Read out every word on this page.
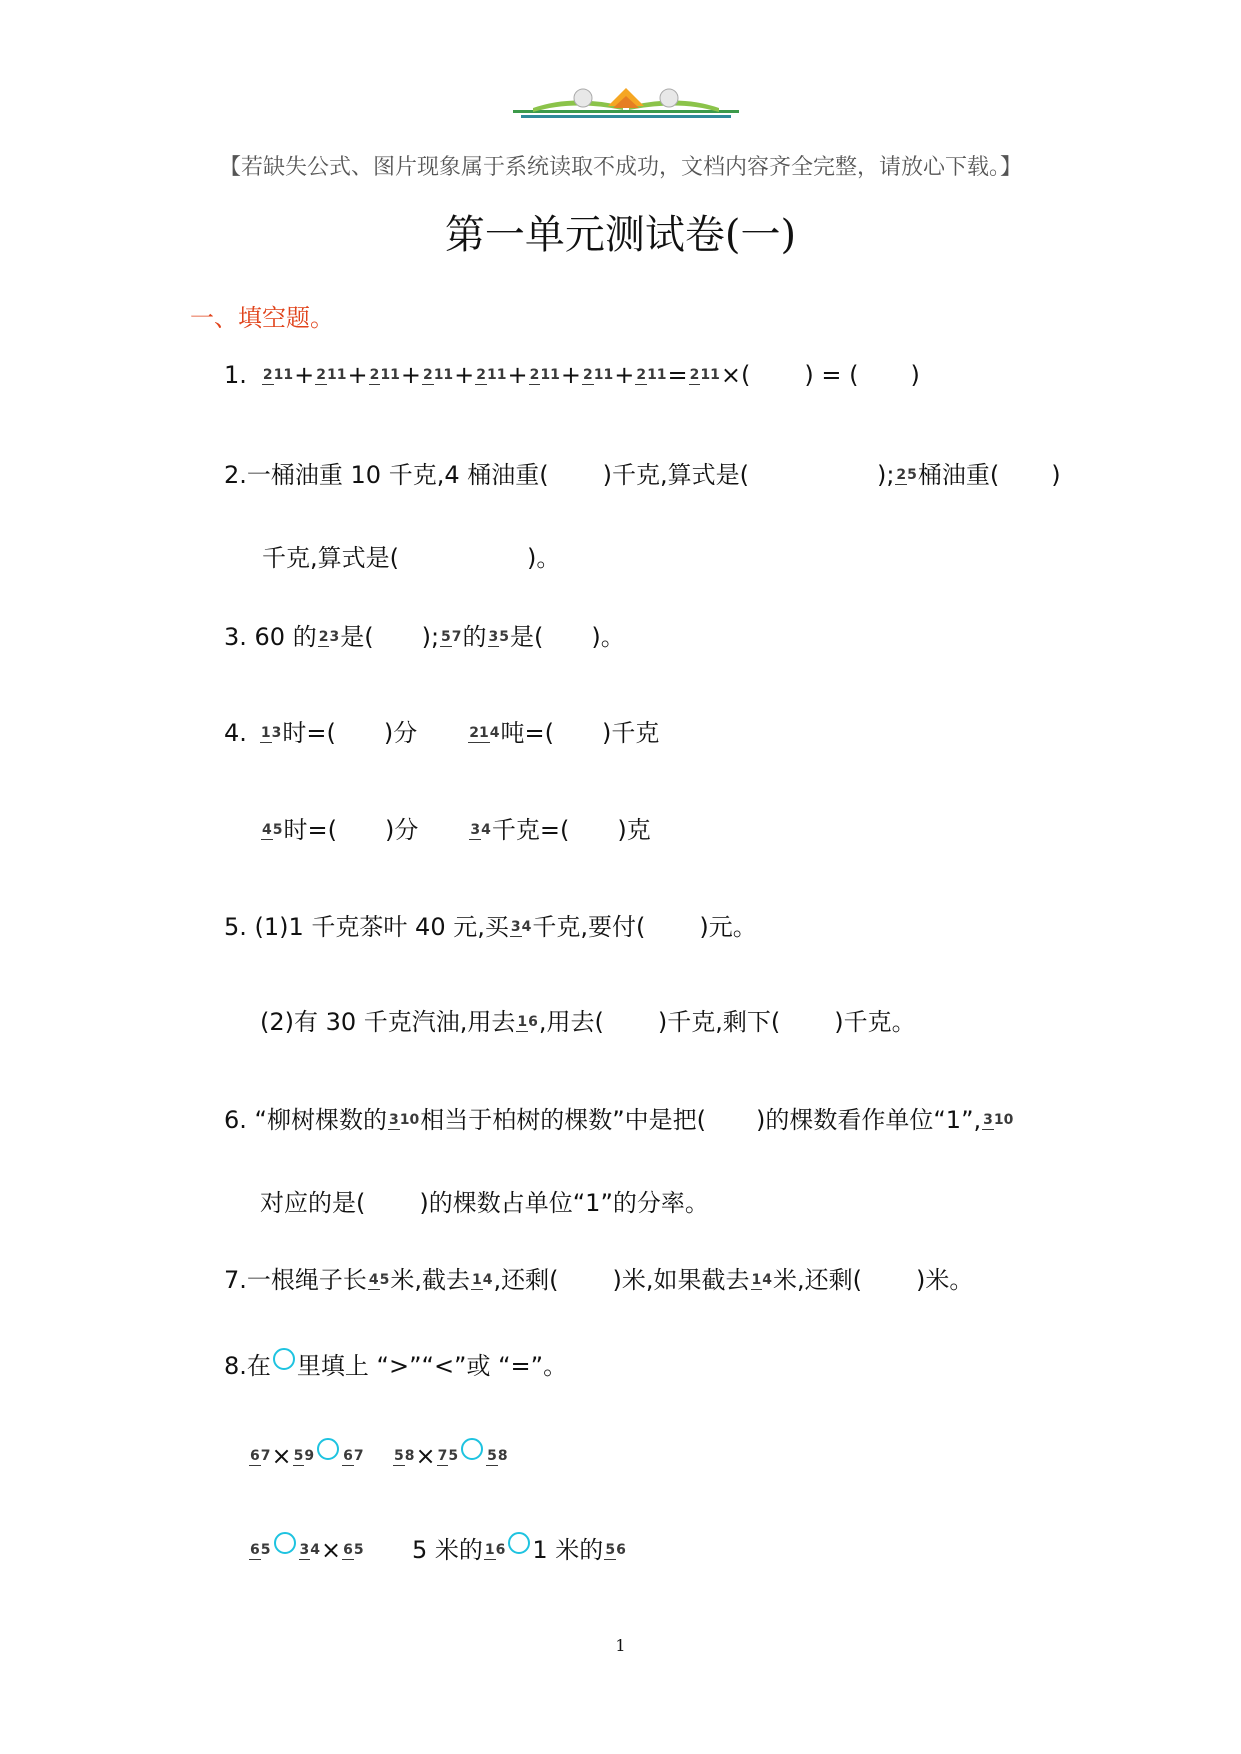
【若缺失公式、图片现象属于系统读取不成功，文档内容齐全完整，请放心下载。】
第一单元测试卷(一)
一、填空题。
1. 211 + 211 + 211 + 211 + 211 + 211 + 211 + 211 = 211 ×( ) = ( )
2.一桶油重 10 千克,4 桶油重( )千克,算式是(	); 25 桶油重( )
千克,算式是(	)。
3. 60 的 23 是( ); 57 的 35 是( )。
4. 13 时=( )分	214 吨=( )千克
45 时=( )分	34 千克=( )克
5. (1)1 千克茶叶 40 元,买 34 千克,要付( )元。
(2)有 30 千克汽油,用去 16 ,用去( )千克,剩下( )千克。
6. “柳树棵数的 310 相当于柏树的棵数”中是把( )的棵数看作单位“1”, 310
对应的是( )的棵数占单位“1”的分率。
7.一根绳子长 45 米,截去 14 ,还剩( )米,如果截去 14 米,还剩( )米。
8.在 里填上 “>”“<”或 “=”。
67 × 59 67 58 × 75 58
65 34 × 65 5 米的 16 1 米的 56
1
